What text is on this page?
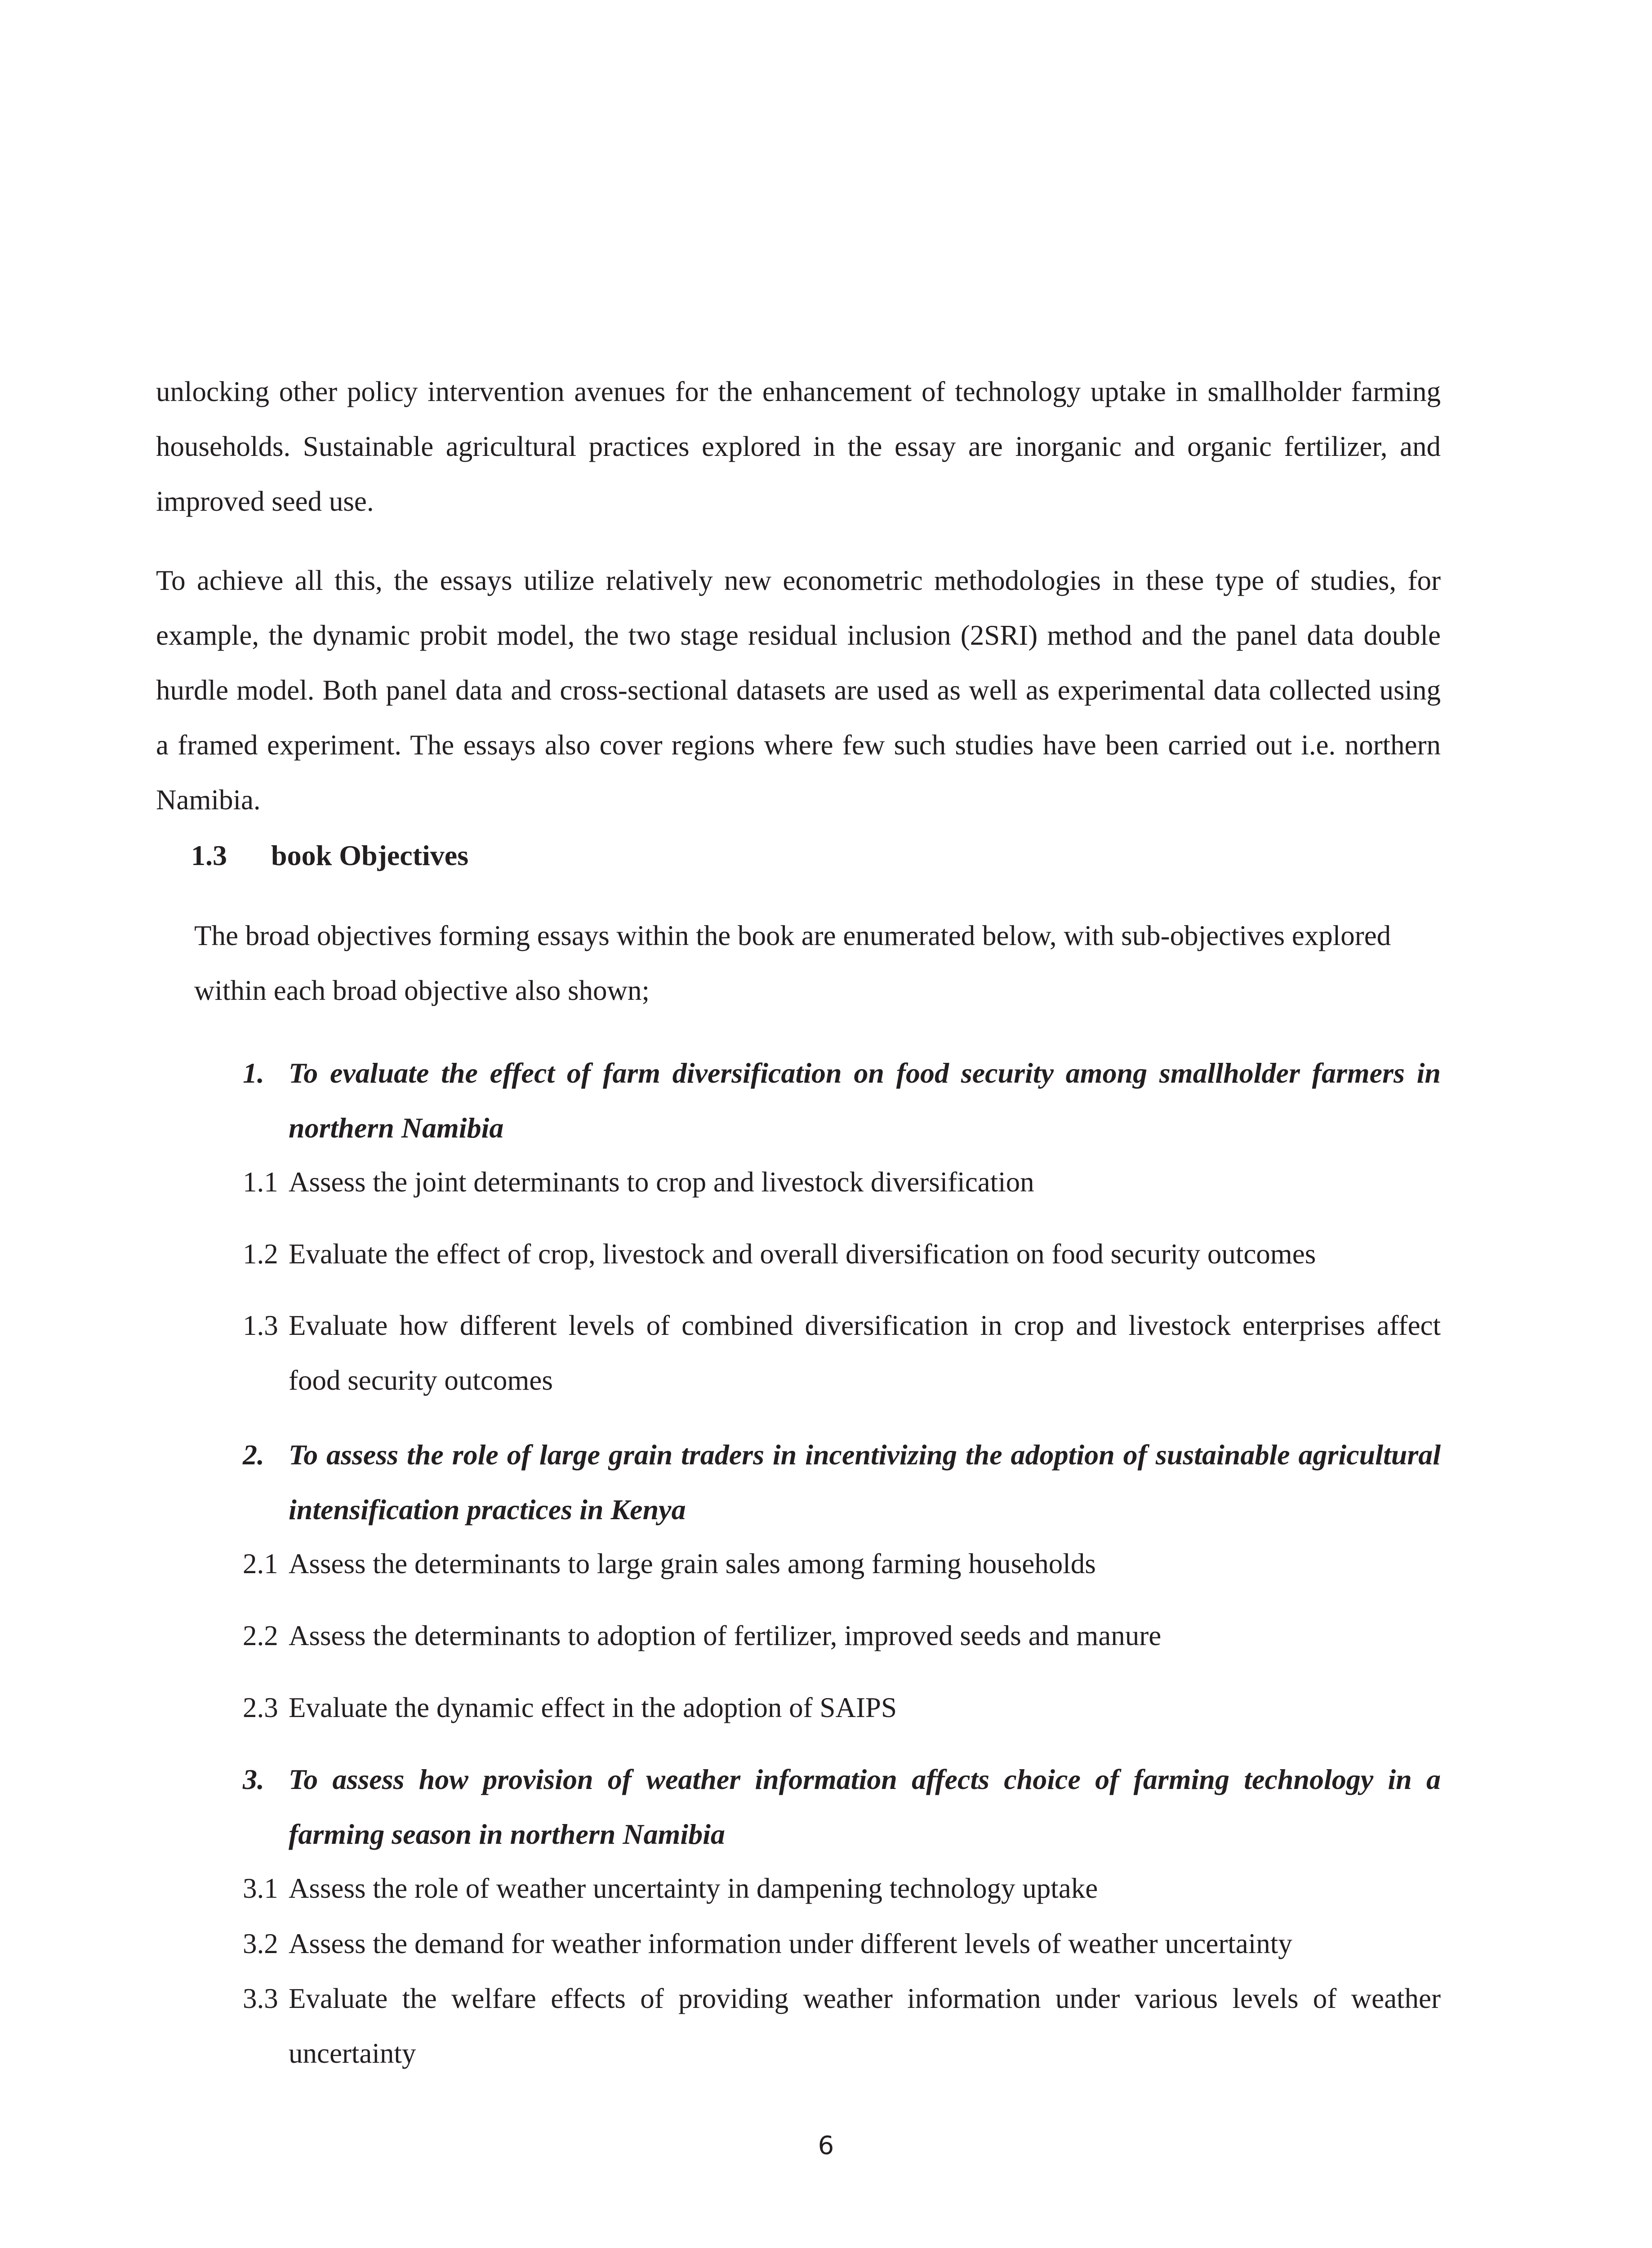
unlocking other policy intervention avenues for the enhancement of technology uptake in smallholder farming households. Sustainable agricultural practices explored in the essay are inorganic and organic fertilizer, and improved seed use.

To achieve all this, the essays utilize relatively new econometric methodologies in these type of studies, for example, the dynamic probit model, the two stage residual inclusion (2SRI) method and the panel data double hurdle model. Both panel data and cross-sectional datasets are used as well as experimental data collected using a framed experiment. The essays also cover regions where few such studies have been carried out i.e. northern Namibia.

1.3 book Objectives

The broad objectives forming essays within the book are enumerated below, with sub-objectives explored within each broad objective also shown;

1. To evaluate the effect of farm diversification on food security among smallholder farmers in northern Namibia

1.1 Assess the joint determinants to crop and livestock diversification

1.2 Evaluate the effect of crop, livestock and overall diversification on food security outcomes

1.3 Evaluate how different levels of combined diversification in crop and livestock enterprises affect food security outcomes

2. To assess the role of large grain traders in incentivizing the adoption of sustainable agricultural intensification practices in Kenya

2.1 Assess the determinants to large grain sales among farming households

2.2 Assess the determinants to adoption of fertilizer, improved seeds and manure

2.3 Evaluate the dynamic effect in the adoption of SAIPS

3. To assess how provision of weather information affects choice of farming technology in a farming season in northern Namibia

3.1 Assess the role of weather uncertainty in dampening technology uptake

3.2 Assess the demand for weather information under different levels of weather uncertainty

3.3 Evaluate the welfare effects of providing weather information under various levels of weather uncertainty

6
